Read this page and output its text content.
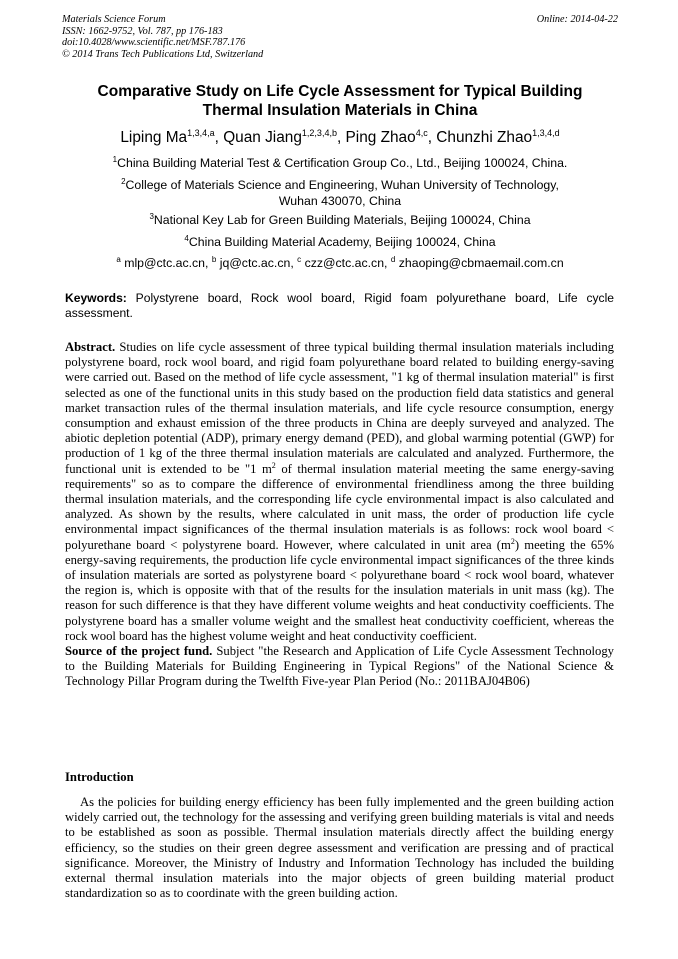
Materials Science Forum
ISSN: 1662-9752, Vol. 787, pp 176-183
doi:10.4028/www.scientific.net/MSF.787.176
© 2014 Trans Tech Publications Ltd, Switzerland
Online: 2014-04-22
Comparative Study on Life Cycle Assessment for Typical Building
Thermal Insulation Materials in China
Liping Ma$^{1,3,4,a}$, Quan Jiang$^{1,2,3,4,b}$, Ping Zhao$^{4,c}$, Chunzhi Zhao$^{1,3,4,d}$
$^1$China Building Material Test & Certification Group Co., Ltd., Beijing 100024, China.
$^2$College of Materials Science and Engineering, Wuhan University of Technology,
Wuhan 430070, China
$^3$National Key Lab for Green Building Materials, Beijing 100024, China
$^4$China Building Material Academy, Beijing 100024, China
$^a$ mlp@ctc.ac.cn, $^b$ jq@ctc.ac.cn, $^c$ czz@ctc.ac.cn, $^d$ zhaoping@cbmaemail.com.cn
Keywords: Polystyrene board, Rock wool board, Rigid foam polyurethane board, Life cycle assessment.

Abstract. Studies on life cycle assessment of three typical building thermal insulation materials including polystyrene board, rock wool board, and rigid foam polyurethane board related to building energy-saving were carried out. Based on the method of life cycle assessment, "1 kg of thermal insulation material" is first selected as one of the functional units in this study based on the production field data statistics and general market transaction rules of the thermal insulation materials, and life cycle resource consumption, energy consumption and exhaust emission of the three products in China are deeply surveyed and analyzed. The abiotic depletion potential (ADP), primary energy demand (PED), and global warming potential (GWP) for production of 1 kg of the three thermal insulation materials are calculated and analyzed. Furthermore, the functional unit is extended to be "1 $m^2$ of thermal insulation material meeting the same energy-saving requirements" so as to compare the difference of environmental friendliness among the three building thermal insulation materials, and the corresponding life cycle environmental impact is also calculated and analyzed. As shown by the results, where calculated in unit mass, the order of production life cycle environmental impact significances of the thermal insulation materials is as follows: rock wool board < polyurethane board < polystyrene board. However, where calculated in unit area $(m^2)$ meeting the 65% energy-saving requirements, the production life cycle environmental impact significances of the three kinds of insulation materials are sorted as polystyrene board < polyurethane board < rock wool board, whatever the region is, which is opposite with that of the results for the insulation materials in unit mass (kg). The reason for such difference is that they have different volume weights and heat conductivity coefficients. The polystyrene board has a smaller volume weight and the smallest heat conductivity coefficient, whereas the rock wool board has the highest volume weight and heat conductivity coefficient.

Source of the project fund. Subject "the Research and Application of Life Cycle Assessment Technology to the Building Materials for Building Engineering in Typical Regions" of the National Science & Technology Pillar Program during the Twelfth Five-year Plan Period (No.: 2011BAJ04B06)

Introduction

As the policies for building energy efficiency has been fully implemented and the green building action widely carried out, the technology for the assessing and verifying green building materials is vital and needs to be established as soon as possible. Thermal insulation materials directly affect the building energy efficiency, so the studies on their green degree assessment and verification are pressing and of practical significance. Moreover, the Ministry of Industry and Information Technology has included the building external thermal insulation materials into the major objects of green building material product standardization so as to coordinate with the green building action.
